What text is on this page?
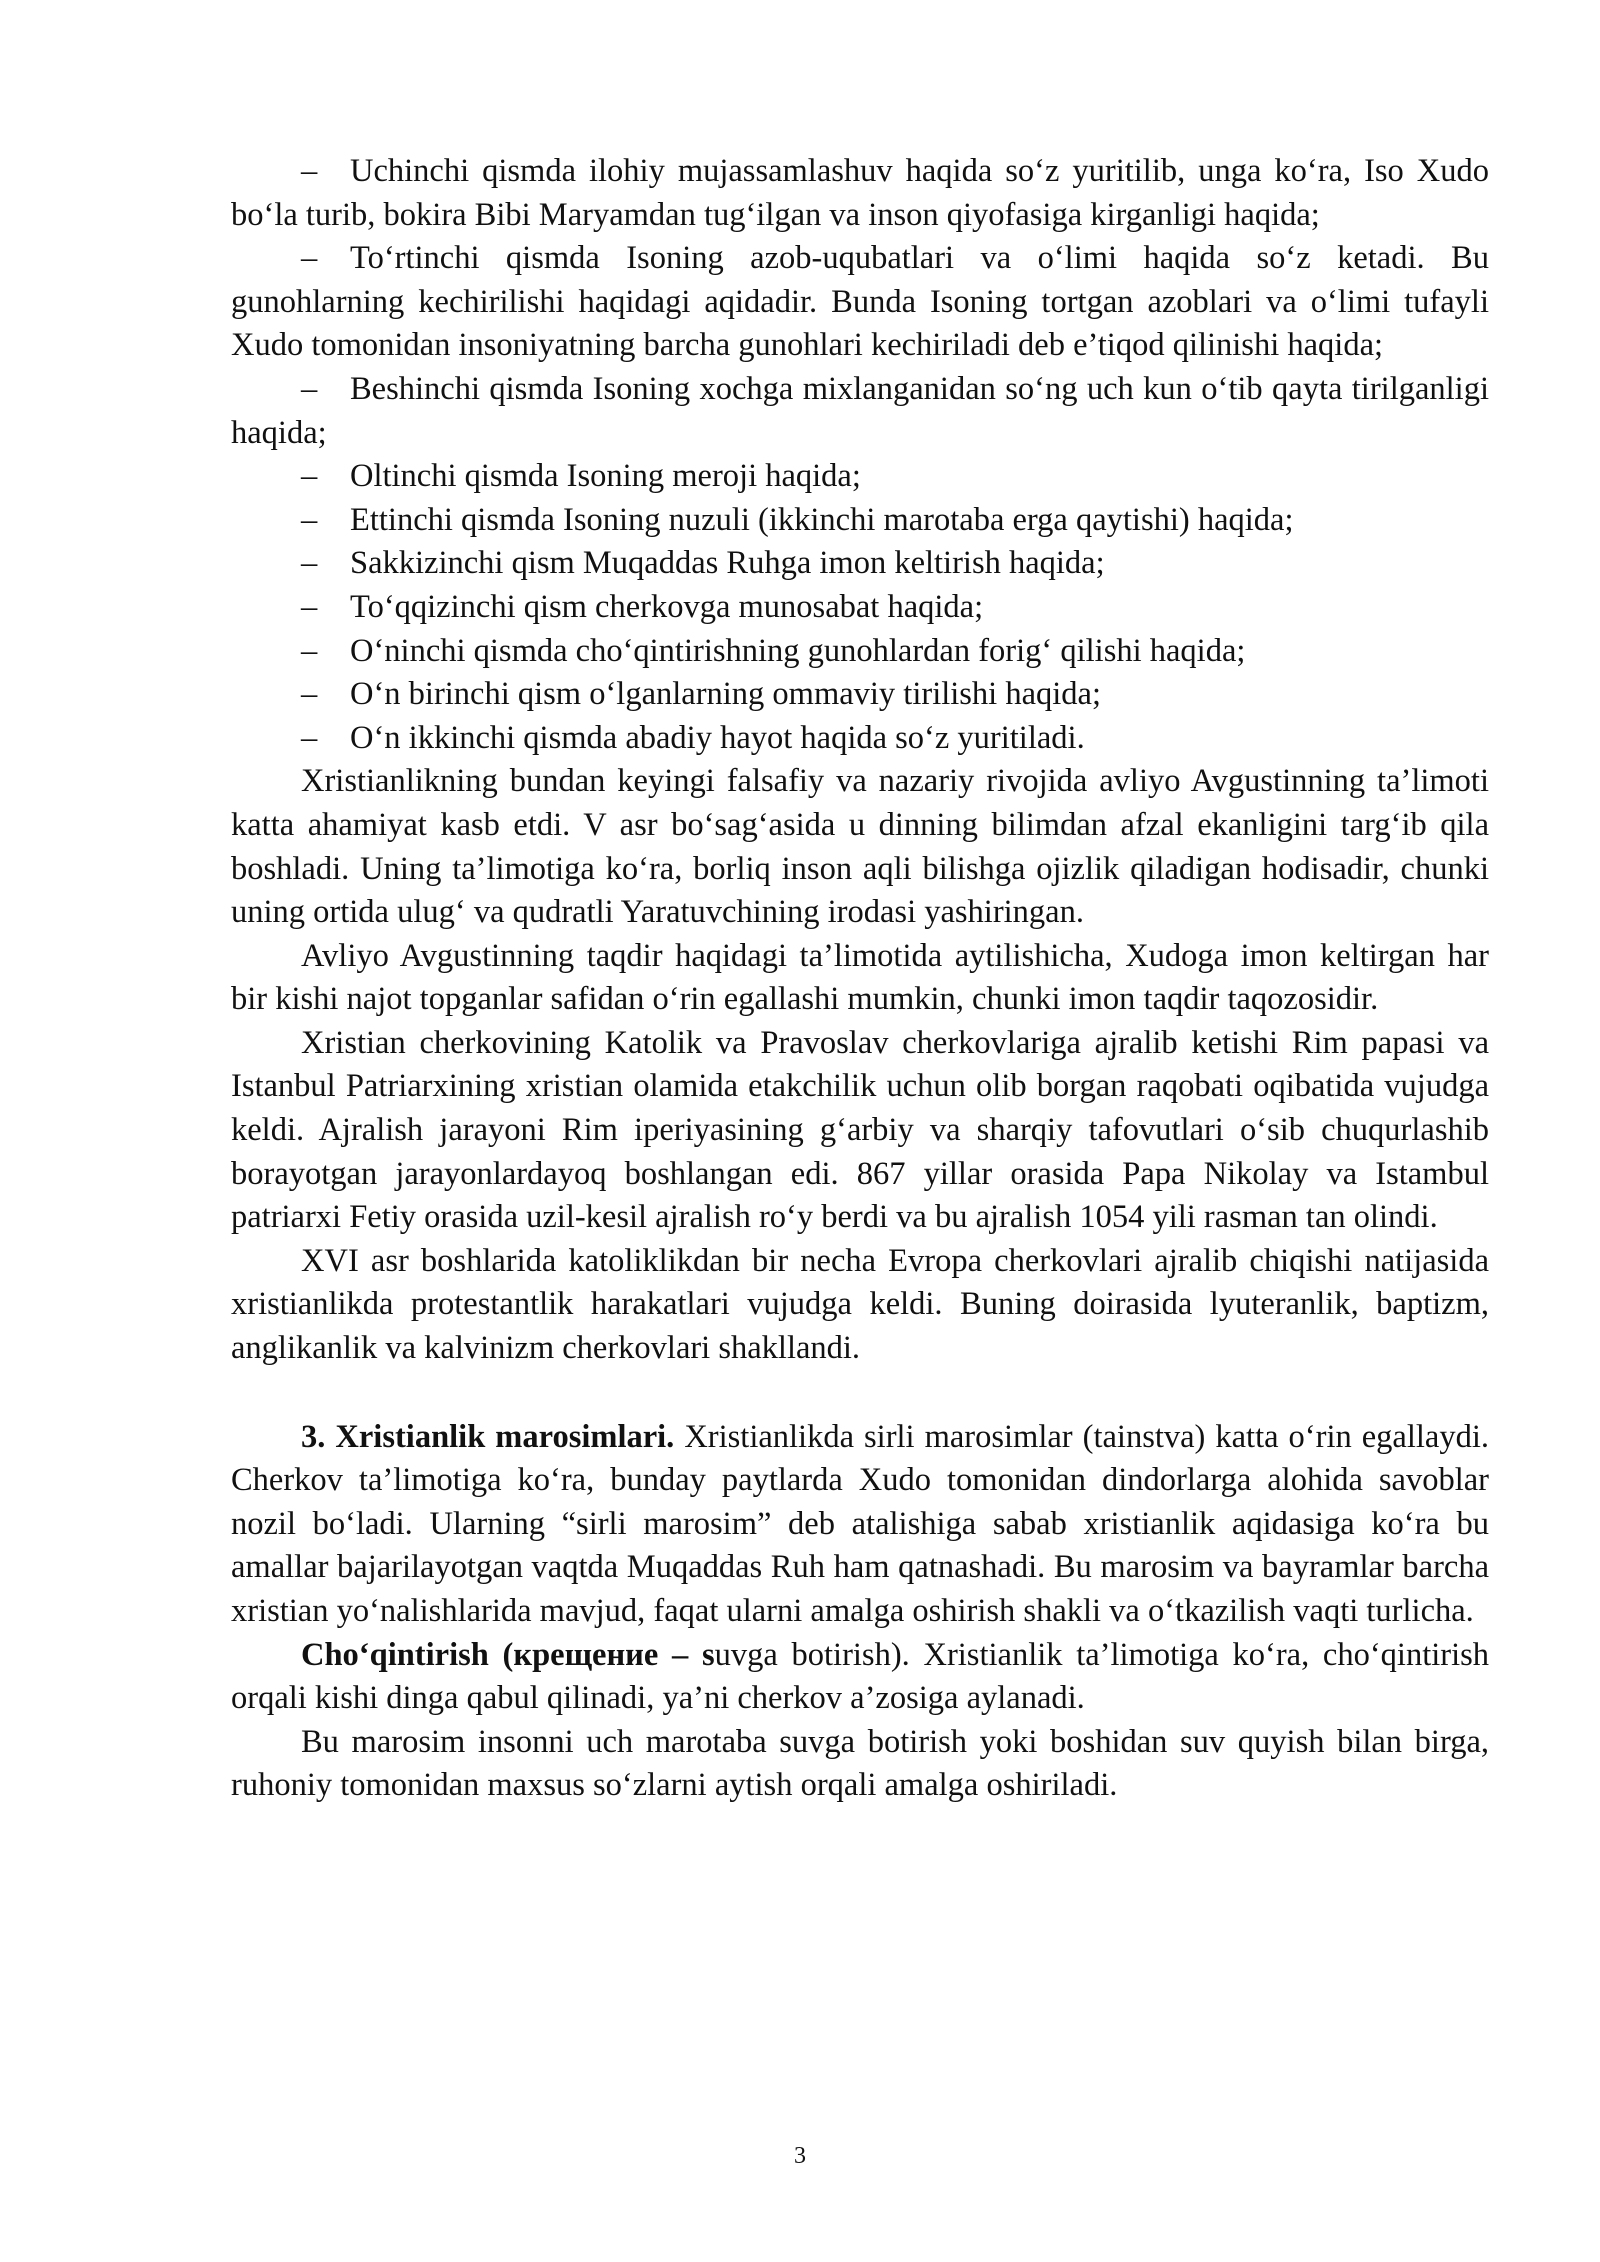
– Uchinchi qismda ilohiy mujassamlashuv haqida so‘z yuritilib, unga ko‘ra, Iso Xudo bo‘la turib, bokira Bibi Maryamdan tug‘ilgan va inson qiyofasiga kirganligi haqida;

– To‘rtinchi qismda Isoning azob-uqubatlari va o‘limi haqida so‘z ketadi. Bu gunohlarning kechirilishi haqidagi aqidadir. Bunda Isoning tortgan azoblari va o‘limi tufayli Xudo tomonidan insoniyatning barcha gunohlari kechiriladi deb e’tiqod qilinishi haqida;

– Beshinchi qismda Isoning xochga mixlanganidan so‘ng uch kun o‘tib qayta tirilganligi haqida;

– Oltinchi qismda Isoning meroji haqida;

– Ettinchi qismda Isoning nuzuli (ikkinchi marotaba erga qaytishi) haqida;

– Sakkizinchi qism Muqaddas Ruhga imon keltirish haqida;

– To‘qqizinchi qism cherkovga munosabat haqida;

– O‘ninchi qismda cho‘qintirishning gunohlardan forig‘ qilishi haqida;

– O‘n birinchi qism o‘lganlarning ommaviy tirilishi haqida;

– O‘n ikkinchi qismda abadiy hayot haqida so‘z yuritiladi.

Xristianlikning bundan keyingi falsafiy va nazariy rivojida avliyo Avgustinning ta’limoti katta ahamiyat kasb etdi. V asr bo‘sag‘asida u dinning bilimdan afzal ekanligini targ‘ib qila boshladi. Uning ta’limotiga ko‘ra, borliq inson aqli bilishga ojizlik qiladigan hodisadir, chunki uning ortida ulug‘ va qudratli Yaratuvchining irodasi yashiringan.

Avliyo Avgustinning taqdir haqidagi ta’limotida aytilishicha, Xudoga imon keltirgan har bir kishi najot topganlar safidan o‘rin egallashi mumkin, chunki imon taqdir taqozosidir.

Xristian cherkovining Katolik va Pravoslav cherkovlariga ajralib ketishi Rim papasi va Istanbul Patriarxining xristian olamida etakchilik uchun olib borgan raqobati oqibatida vujudga keldi. Ajralish jarayoni Rim iperiyasining g‘arbiy va sharqiy tafovutlari o‘sib chuqurlashib borayotgan jarayonlardayoq boshlangan edi. 867 yillar orasida Papa Nikolay va Istambul patriarxi Fetiy orasida uzil-kesil ajralish ro‘y berdi va bu ajralish 1054 yili rasman tan olindi.

XVI asr boshlarida katoliklikdan bir necha Evropa cherkovlari ajralib chiqishi natijasida xristianlikda protestantlik harakatlari vujudga keldi. Buning doirasida lyuteranlik, baptizm, anglikanlik va kalvinizm cherkovlari shakllandi.

3. Xristianlik marosimlari. Xristianlikda sirli marosimlar (tainstva) katta o‘rin egallaydi. Cherkov ta’limotiga ko‘ra, bunday paytlarda Xudo tomonidan dindorlarga alohida savoblar nozil bo‘ladi. Ularning “sirli marosim” deb atalishiga sabab xristianlik aqidasiga ko‘ra bu amallar bajarilayotgan vaqtda Muqaddas Ruh ham qatnashadi. Bu marosim va bayramlar barcha xristian yo‘nalishlarida mavjud, faqat ularni amalga oshirish shakli va o‘tkazilish vaqti turlicha.

Cho‘qintirish (крещение – suvga botirish). Xristianlik ta’limotiga ko‘ra, cho‘qintirish orqali kishi dinga qabul qilinadi, ya’ni cherkov a’zosiga aylanadi.

Bu marosim insonni uch marotaba suvga botirish yoki boshidan suv quyish bilan birga, ruhoniy tomonidan maxsus so‘zlarni aytish orqali amalga oshiriladi.

3
